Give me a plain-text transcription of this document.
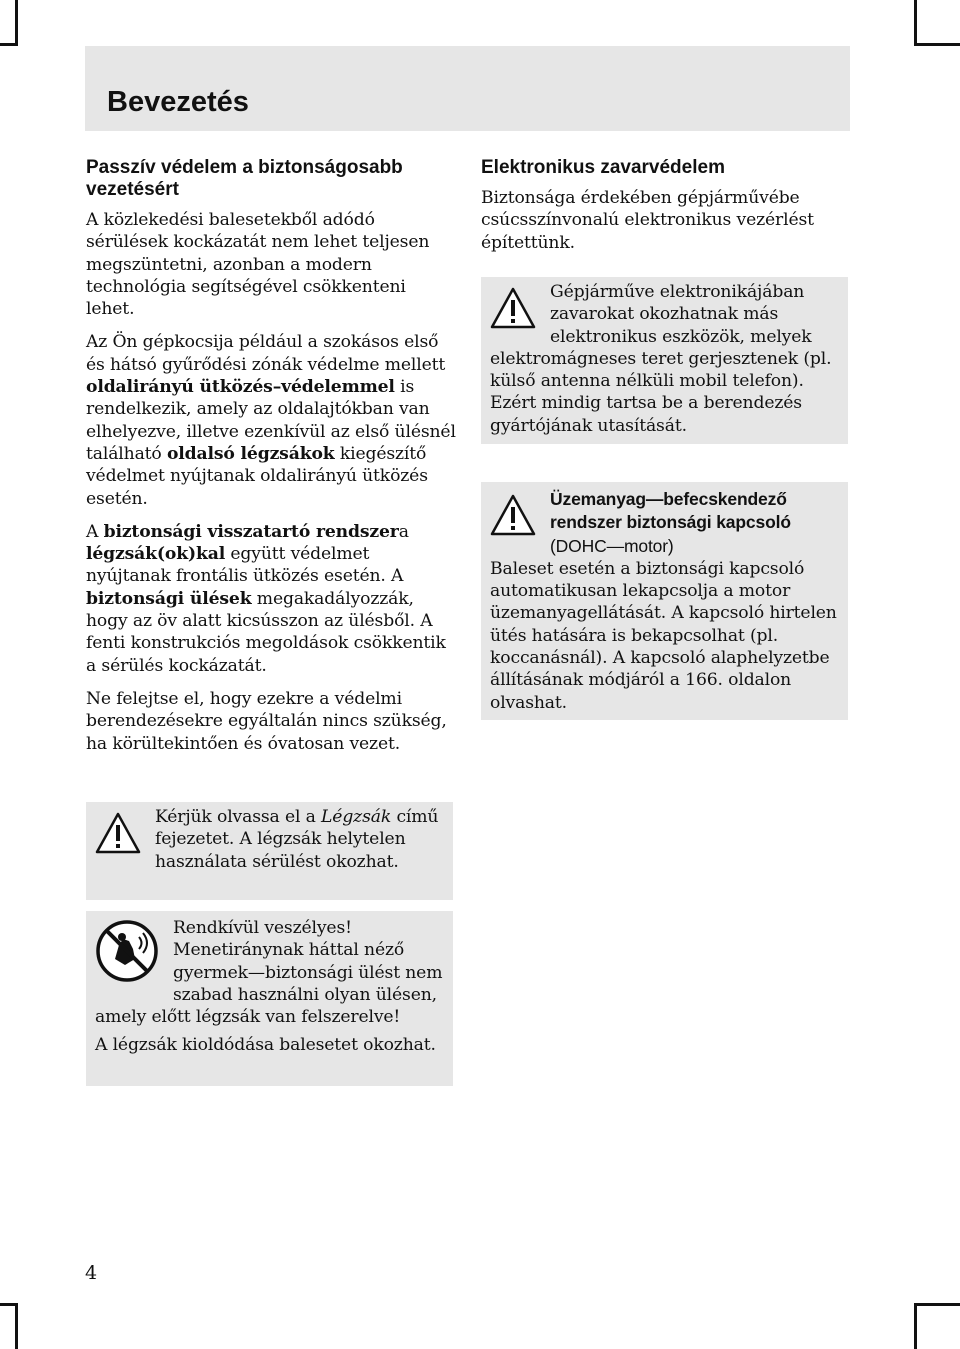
Bevezetés
Passzív védelem a biztonságosabb vezetésért

A közlekedési balesetekből adódó sérülések kockázatát nem lehet teljesen megszüntetni, azonban a modern technológia segítségével csökkenteni lehet.

Az Ön gépkocsija például a szokásos első és hátsó gyűrődési zónák védelme mellett oldalirányú ütközés–védelemmel is rendelkezik, amely az oldalajtókban van elhelyezve, illetve ezenkívül az első ülésnél található oldalsó légzsákok kiegészítő védelmet nyújtanak oldalirányú ütközés esetén.

A biztonsági visszatartó rendszera légzsák(ok)kal együtt védelmet nyújtanak frontális ütközés esetén. A biztonsági ülések megakadályozzák, hogy az öv alatt kicsússzon az ülésből. A fenti konstrukciós megoldások csökkentik a sérülés kockázatát.

Ne felejtse el, hogy ezekre a védelmi berendezésekre egyáltalán nincs szükség, ha körültekintően és óvatosan vezet.

Kérjük olvassa el a Légzsák című fejezetet. A légzsák helytelen használata sérülést okozhat.

Rendkívül veszélyes! Menetiránynak háttal néző gyermek—biztonsági ülést nem szabad használni olyan ülésen, amely előtt légzsák van felszerelve!

A légzsák kioldódása balesetet okozhat.

Elektronikus zavarvédelem

Biztonsága érdekében gépjárművébe csúcsszínvonalú elektronikus vezérlést építettünk.

Gépjárműve elektronikájában zavarokat okozhatnak más elektronikus eszközök, melyek elektromágneses teret gerjesztenek (pl. külső antenna nélküli mobil telefon). Ezért mindig tartsa be a berendezés gyártójának utasítását.

Üzemanyag—befecskendező rendszer biztonsági kapcsoló (DOHC—motor)

Baleset esetén a biztonsági kapcsoló automatikusan lekapcsolja a motor üzemanyagellátását. A kapcsoló hirtelen ütés hatására is bekapcsolhat (pl. koccanásnál). A kapcsoló alaphelyzetbe állításának módjáról a 166. oldalon olvashat.

4
